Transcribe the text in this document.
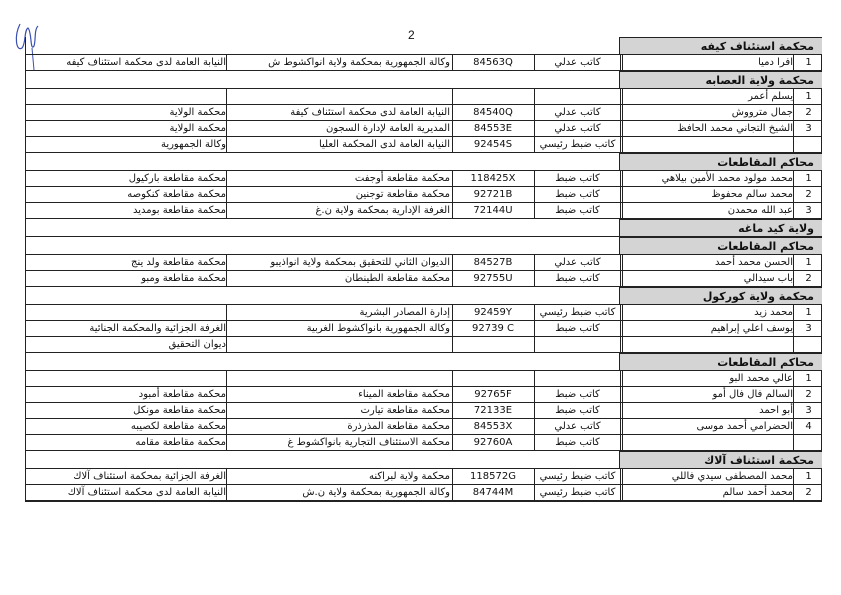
2
محكمة استئناف كيفه
1
افرا دميا
كاتب عدلي
84563Q
وكالة الجمهورية بمحكمة ولاية انواكشوط ش
النيابة العامة لدى محكمة استئناف كيفه
محكمة ولاية العصابه
1
يسلم أعمر
2
جمال مترووش
كاتب عدلي
84540Q
النيابة العامة لدى محكمة استئناف كيفة
محكمة الولاية
3
الشيخ التجاني محمد الحافظ
كاتب عدلي
84553E
المديرية العامة لإدارة السجون
محكمة الولاية
كاتب ضبط رئيسي
92454S
النيابة العامة لدى المحكمة العليا
وكالة الجمهورية
محاكم المقاطعات
1
محمد مولود محمد الأمين بيلاهي
كاتب ضبط
118425X
محكمة مقاطعة أوجفت
محكمة مقاطعة باركيول
2
محمد سالم محفوظ
كاتب ضبط
92721B
محكمة مقاطعة توجنين
محكمة مقاطعة كنكوصه
3
عبد الله محمدن
كاتب ضبط
72144U
الغرفة الإدارية بمحكمة ولاية ن.غ
محكمة مقاطعة بومديد
ولاية كيد ماغه
محاكم المقاطعات
1
الحسن محمد أحمد
كاتب عدلي
84527B
الديوان الثاني للتحقيق بمحكمة ولاية انواذيبو
محكمة مقاطعة ولد ينج
2
باب سيدالي
كاتب ضبط
92755U
محكمة مقاطعة الطينطان
محكمة مقاطعة ومبو
محكمة ولاية كوركول
1
محمد زيد
كاتب ضبط رئيسي
92459Y
إدارة المصادر البشرية
3
يوسف اعلي إبراهيم
كاتب ضبط
92739 C
وكالة الجمهورية بانواكشوط الغربية
الغرفة الجزائية والمحكمة الجنائية
ديوان التحقيق
محاكم المقاطعات
1
عالي محمد البو
2
السالم فال فال أمو
كاتب ضبط
92765F
محكمة مقاطعة الميناء
محكمة مقاطعة أمبود
3
أبو احمد
كاتب ضبط
72133E
محكمة مقاطعة تيارت
محكمة مقاطعة مونكل
4
الحضرامي أحمد موسى
كاتب عدلي
84553X
محكمة مقاطعة المذرذرة
محكمة مقاطعة لكصيبه
كاتب ضبط
92760A
محكمة الاستئناف التجارية بانواكشوط غ
محكمة مقاطعة مقامه
محكمة استئناف آلاك
1
محمد المصطفى سيدي فاللي
كاتب ضبط رئيسي
118572G
محكمة ولاية لبراكنه
الغرفة الجزائية بمحكمة استئناف آلاك
2
محمد أحمد سالم
كاتب ضبط رئيسي
84744M
وكالة الجمهورية بمحكمة ولاية ن.ش
النيابة العامة لدى محكمة استئناف آلاك
